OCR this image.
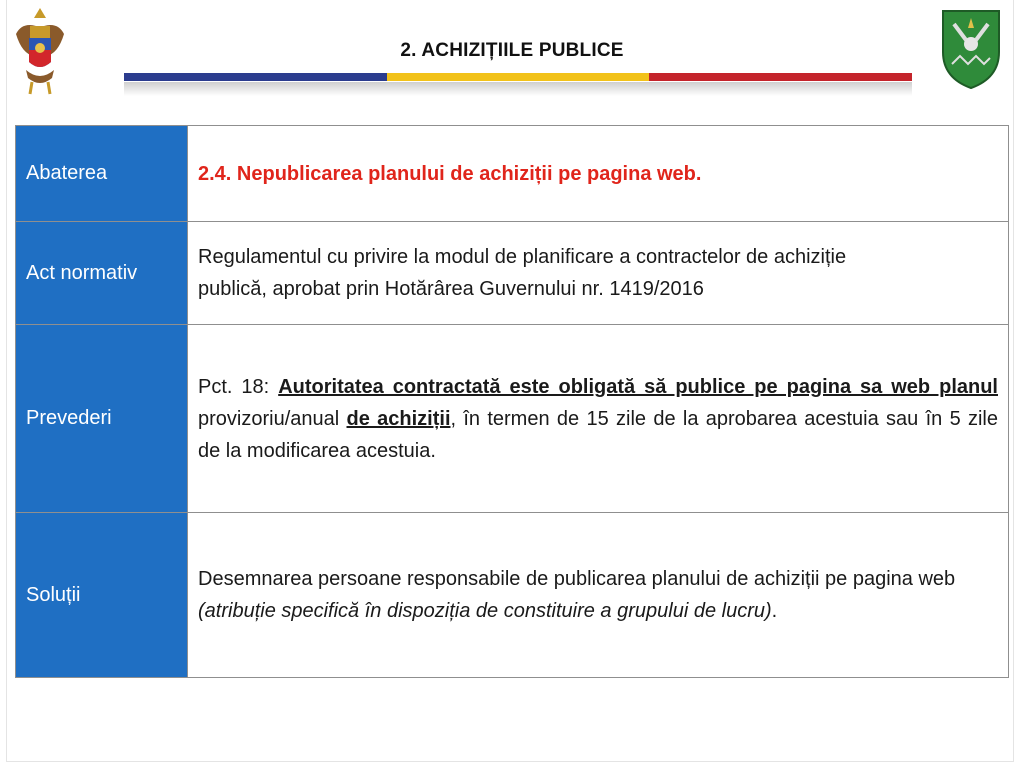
2. ACHIZIȚIILE PUBLICE
Abaterea	2.4. Nepublicarea planului de achiziții pe pagina web.
Act normativ	Regulamentul cu privire la modul de planificare a contractelor de achiziție
publică, aprobat prin Hotărârea Guvernului nr. 1419/2016

Prevederi	Pct. 18: Autoritatea contractată este obligată să publice pe pagina sa web planul provizoriu/anual de achiziții, în termen de 15 zile de la aprobarea acestuia sau în 5 zile de la modificarea acestuia.
Soluții	Desemnarea persoane responsabile de publicarea planului de achiziții pe pagina web (atribuție specifică în dispoziția de constituire a grupului de lucru).
